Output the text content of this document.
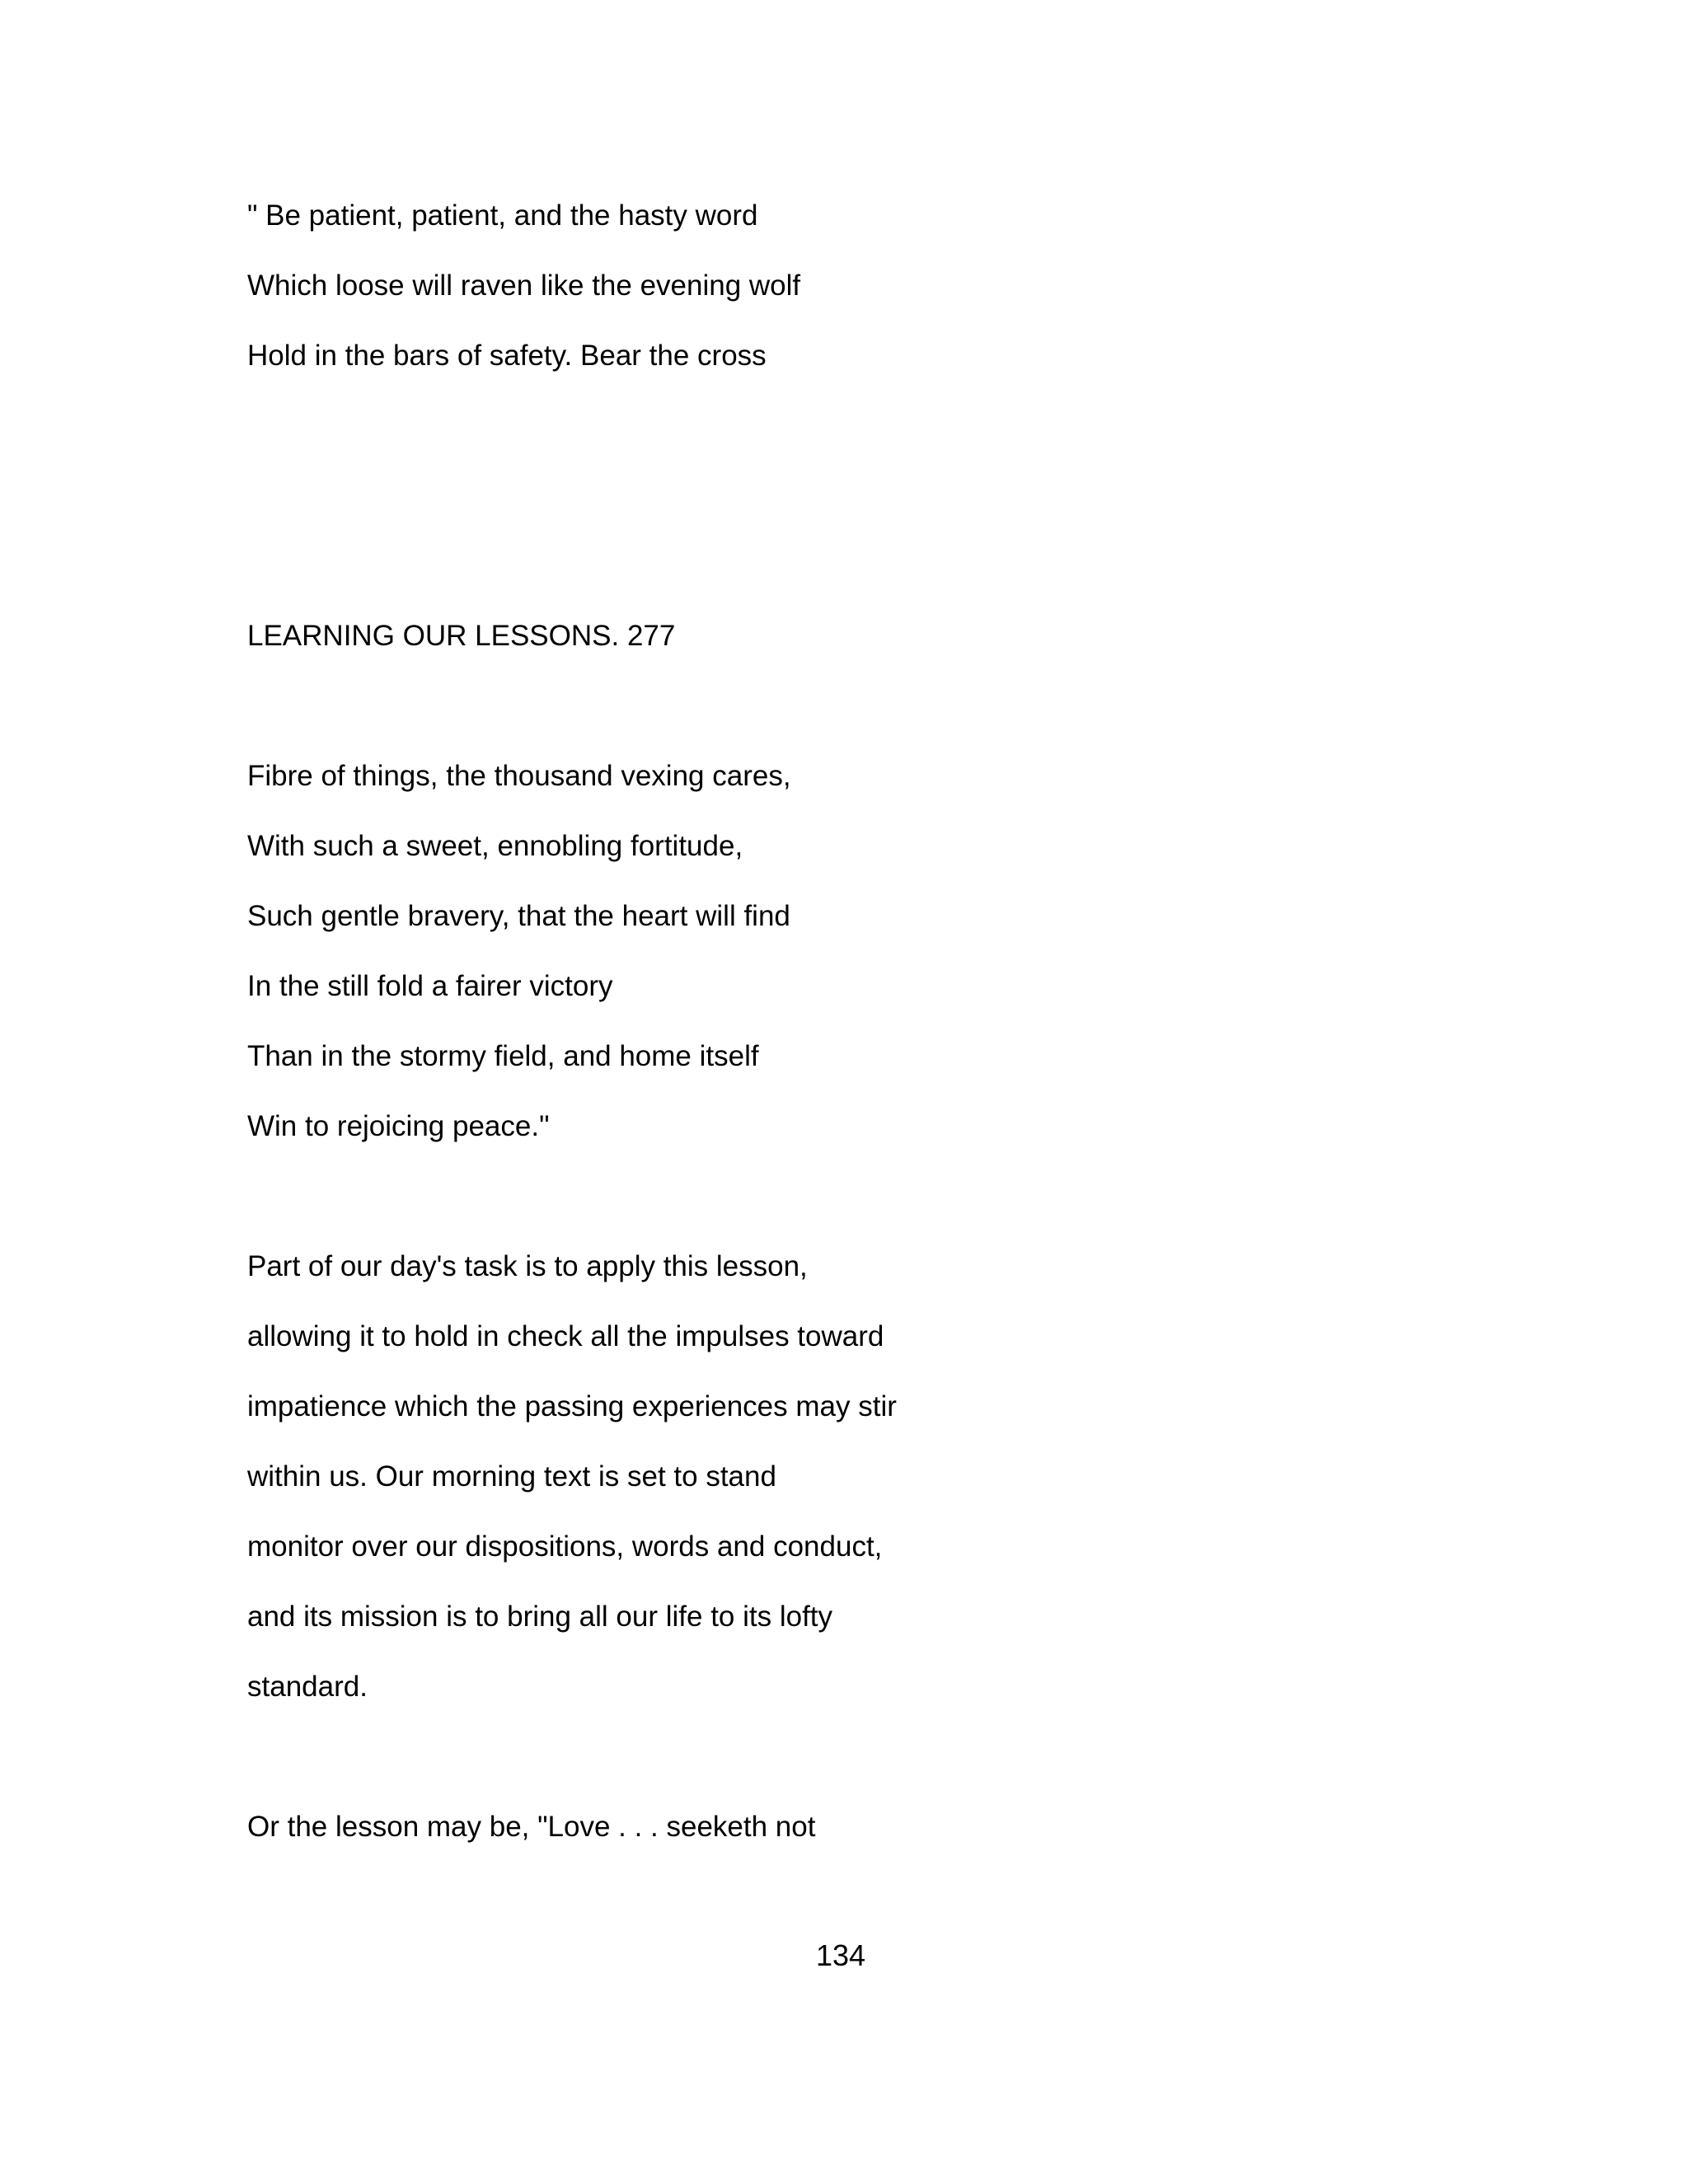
" Be patient, patient, and the hasty word
Which loose will raven like the evening wolf
Hold in the bars of safety. Bear the cross
LEARNING OUR LESSONS. 277
Fibre of things, the thousand vexing cares,
With such a sweet, ennobling fortitude,
Such gentle bravery, that the heart will find
In the still fold a fairer victory
Than in the stormy field, and home itself
Win to rejoicing peace."
Part of our day's task is to apply this lesson,
allowing it to hold in check all the impulses toward
impatience which the passing experiences may stir
within us. Our morning text is set to stand
monitor over our dispositions, words and conduct,
and its mission is to bring all our life to its lofty
standard.
Or the lesson may be, "Love . . . seeketh not
134
